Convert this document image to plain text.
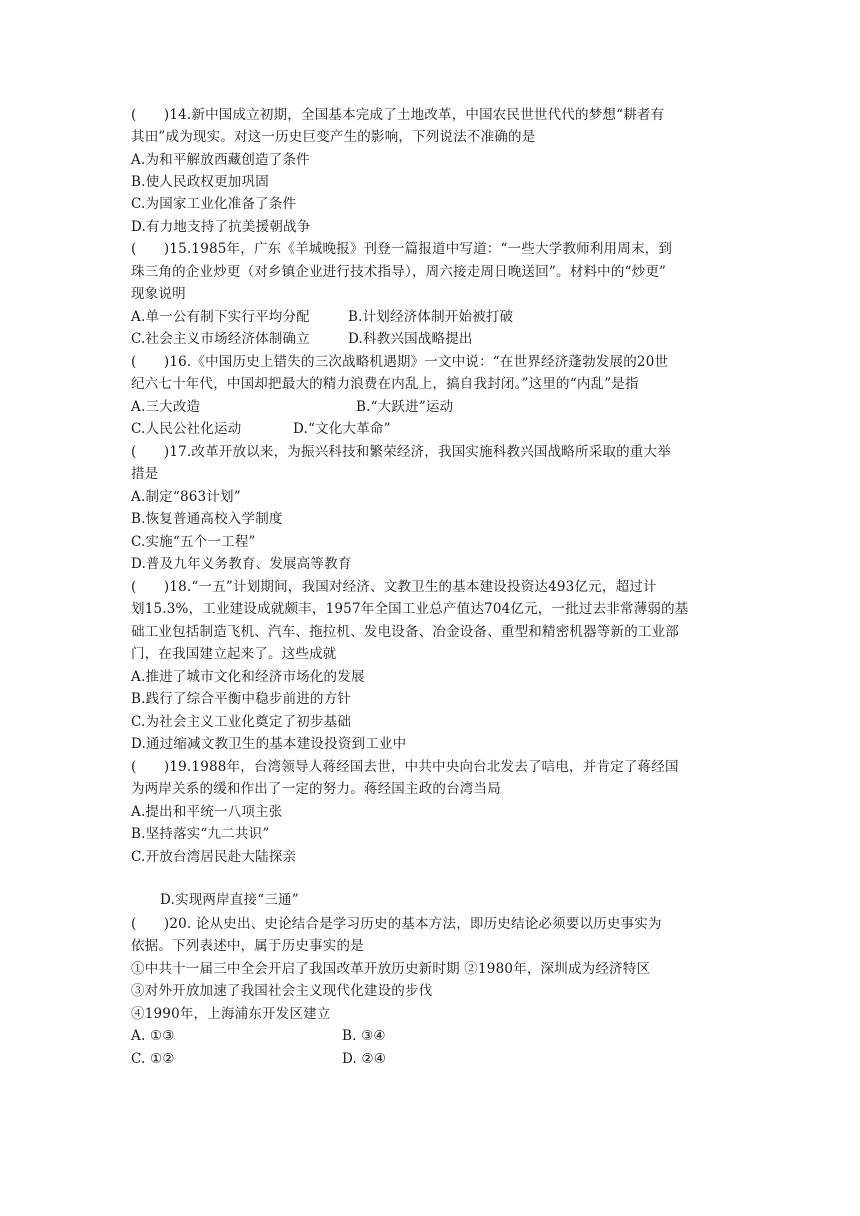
(　　)14.新中国成立初期，全国基本完成了土地改革，中国农民世世代代的梦想“耕者有
其田”成为现实。对这一历史巨变产生的影响，下列说法不准确的是
A.为和平解放西藏创造了条件
B.使人民政权更加巩固
C.为国家工业化准备了条件
D.有力地支持了抗美援朝战争
(　　)15.1985年，广东《羊城晚报》刊登一篇报道中写道：“一些大学教师利用周末，到
珠三角的企业炒更（对乡镇企业进行技术指导），周六接走周日晚送回”。材料中的“炒更”
现象说明
A.单一公有制下实行平均分配	B.计划经济体制开始被打破
C.社会主义市场经济体制确立	D.科教兴国战略提出
(　　)16.《中国历史上错失的三次战略机遇期》一文中说：“在世界经济蓬勃发展的20世
纪六七十年代，中国却把最大的精力浪费在内乱上，搞自我封闭。”这里的“内乱”是指
A.三大改造	B.“大跃进”运动
C.人民公社化运动	D.“文化大革命”
(　　)17.改革开放以来，为振兴科技和繁荣经济，我国实施科教兴国战略所采取的重大举
措是
A.制定“863计划”
B.恢复普通高校入学制度
C.实施“五个一工程”
D.普及九年义务教育、发展高等教育
(　　)18.“一五”计划期间，我国对经济、文教卫生的基本建设投资达493亿元，超过计
划15.3%，工业建设成就颇丰，1957年全国工业总产值达704亿元，一批过去非常薄弱的基
础工业包括制造飞机、汽车、拖拉机、发电设备、冶金设备、重型和精密机器等新的工业部
门，在我国建立起来了。这些成就
A.推进了城市文化和经济市场化的发展
B.践行了综合平衡中稳步前进的方针
C.为社会主义工业化奠定了初步基础
D.通过缩减文教卫生的基本建设投资到工业中
(　　)19.1988年，台湾领导人蒋经国去世，中共中央向台北发去了唁电，并肯定了蒋经国
为两岸关系的缓和作出了一定的努力。蒋经国主政的台湾当局
A.提出和平统一八项主张
B.坚持落实“九二共识”
C.开放台湾居民赴大陆探亲
D.实现两岸直接“三通”
(　　)20. 论从史出、史论结合是学习历史的基本方法，即历史结论必须要以历史事实为
依据。下列表述中，属于历史事实的是
①中共十一届三中全会开启了我国改革开放历史新时期 ②1980年，深圳成为经济特区
③对外开放加速了我国社会主义现代化建设的步伐
④1990年，上海浦东开发区建立
A. ①③	B. ③④
C. ①②	D. ②④
